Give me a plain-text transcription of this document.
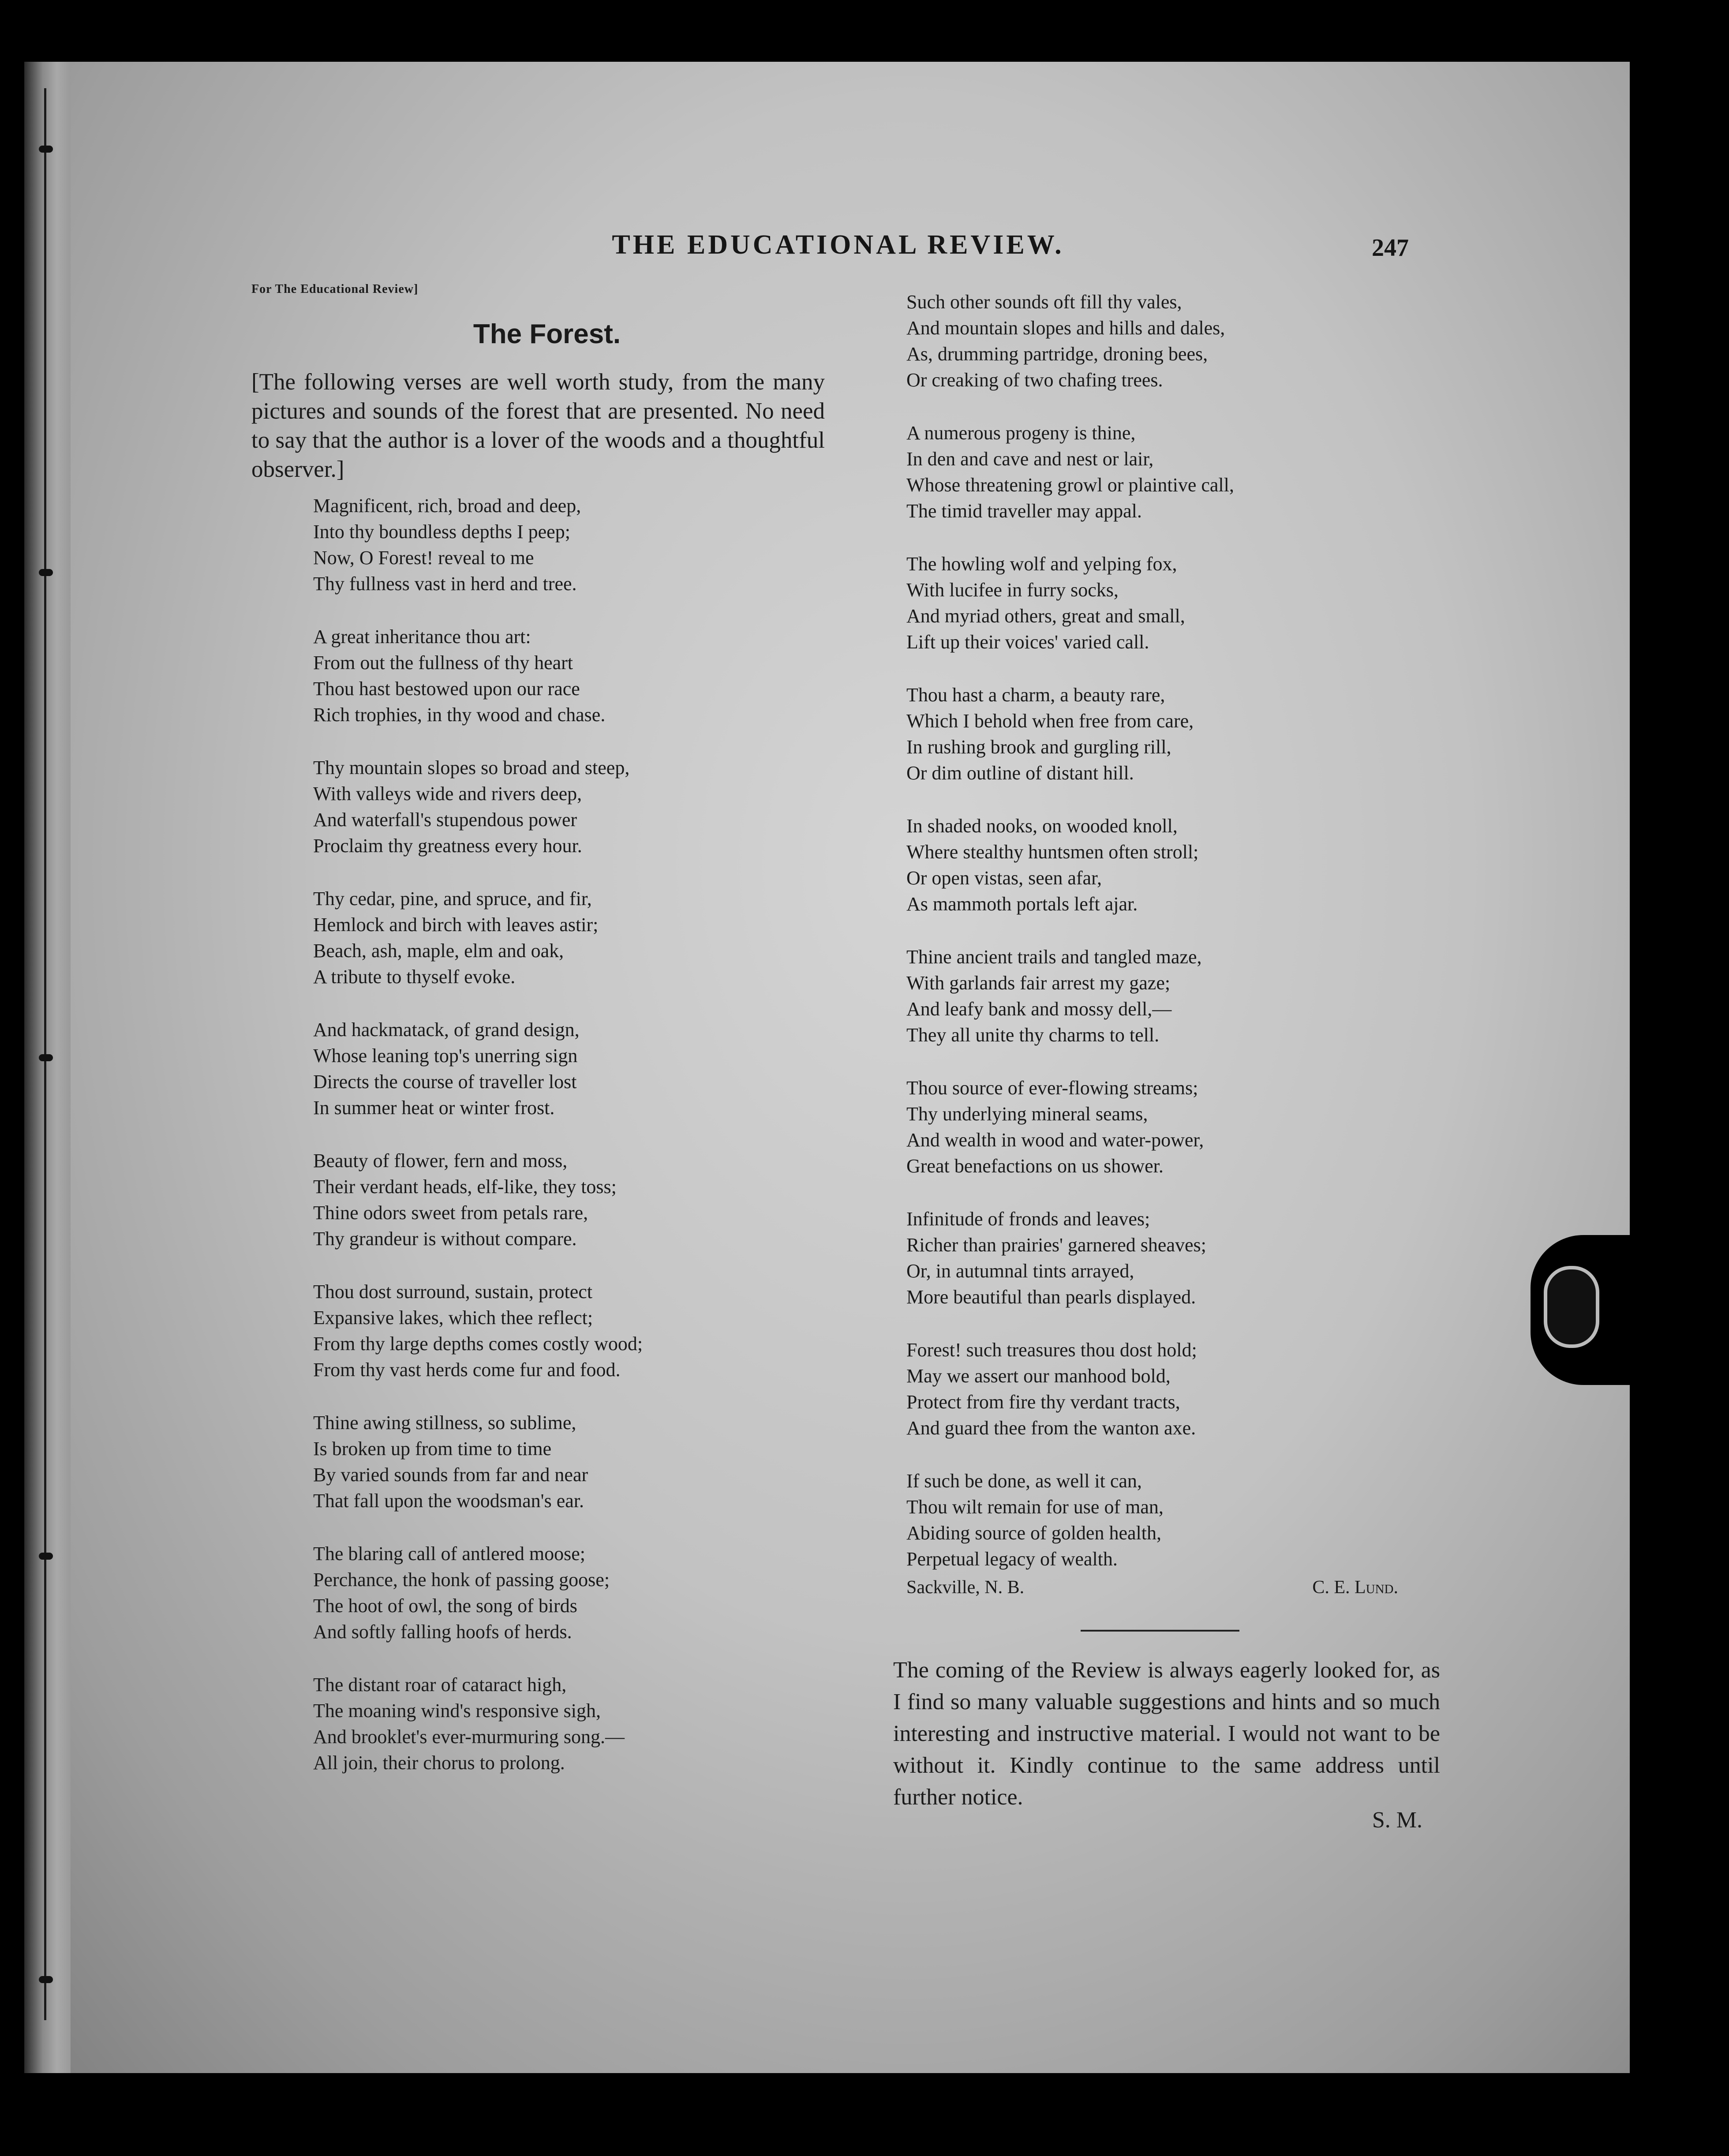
THE EDUCATIONAL REVIEW.	247
For The Educational Review]
The Forest.

[The following verses are well worth study, from the many pictures and sounds of the forest that are presented. No need to say that the author is a lover of the woods and a thoughtful observer.]

Magnificent, rich, broad and deep,
Into thy boundless depths I peep;
Now, O Forest! reveal to me
Thy fullness vast in herd and tree.
A great inheritance thou art:
From out the fullness of thy heart
Thou hast bestowed upon our race
Rich trophies, in thy wood and chase.
Thy mountain slopes so broad and steep,
With valleys wide and rivers deep,
And waterfall's stupendous power
Proclaim thy greatness every hour.
Thy cedar, pine, and spruce, and fir,
Hemlock and birch with leaves astir;
Beach, ash, maple, elm and oak,
A tribute to thyself evoke.
And hackmatack, of grand design,
Whose leaning top's unerring sign
Directs the course of traveller lost
In summer heat or winter frost.
Beauty of flower, fern and moss,
Their verdant heads, elf-like, they toss;
Thine odors sweet from petals rare,
Thy grandeur is without compare.
Thou dost surround, sustain, protect
Expansive lakes, which thee reflect;
From thy large depths comes costly wood;
From thy vast herds come fur and food.
Thine awing stillness, so sublime,
Is broken up from time to time
By varied sounds from far and near
That fall upon the woodsman's ear.
The blaring call of antlered moose;
Perchance, the honk of passing goose;
The hoot of owl, the song of birds
And softly falling hoofs of herds.
The distant roar of cataract high,
The moaning wind's responsive sigh,
And brooklet's ever-murmuring song.—
All join, their chorus to prolong.
Such other sounds oft fill thy vales,
And mountain slopes and hills and dales,
As, drumming partridge, droning bees,
Or creaking of two chafing trees.
A numerous progeny is thine,
In den and cave and nest or lair,
Whose threatening growl or plaintive call,
The timid traveller may appal.
The howling wolf and yelping fox,
With lucifee in furry socks,
And myriad others, great and small,
Lift up their voices' varied call.
Thou hast a charm, a beauty rare,
Which I behold when free from care,
In rushing brook and gurgling rill,
Or dim outline of distant hill.
In shaded nooks, on wooded knoll,
Where stealthy huntsmen often stroll;
Or open vistas, seen afar,
As mammoth portals left ajar.
Thine ancient trails and tangled maze,
With garlands fair arrest my gaze;
And leafy bank and mossy dell,—
They all unite thy charms to tell.
Thou source of ever-flowing streams;
Thy underlying mineral seams,
And wealth in wood and water-power,
Great benefactions on us shower.
Infinitude of fronds and leaves;
Richer than prairies' garnered sheaves;
Or, in autumnal tints arrayed,
More beautiful than pearls displayed.
Forest! such treasures thou dost hold;
May we assert our manhood bold,
Protect from fire thy verdant tracts,
And guard thee from the wanton axe.
If such be done, as well it can,
Thou wilt remain for use of man,
Abiding source of golden health,
Perpetual legacy of wealth.
Sackville, N. B.	C. E. Lund.

The coming of the Review is always eagerly looked for, as I find so many valuable suggestions and hints and so much interesting and instructive material. I would not want to be without it. Kindly continue to the same address until further notice.

S. M.
